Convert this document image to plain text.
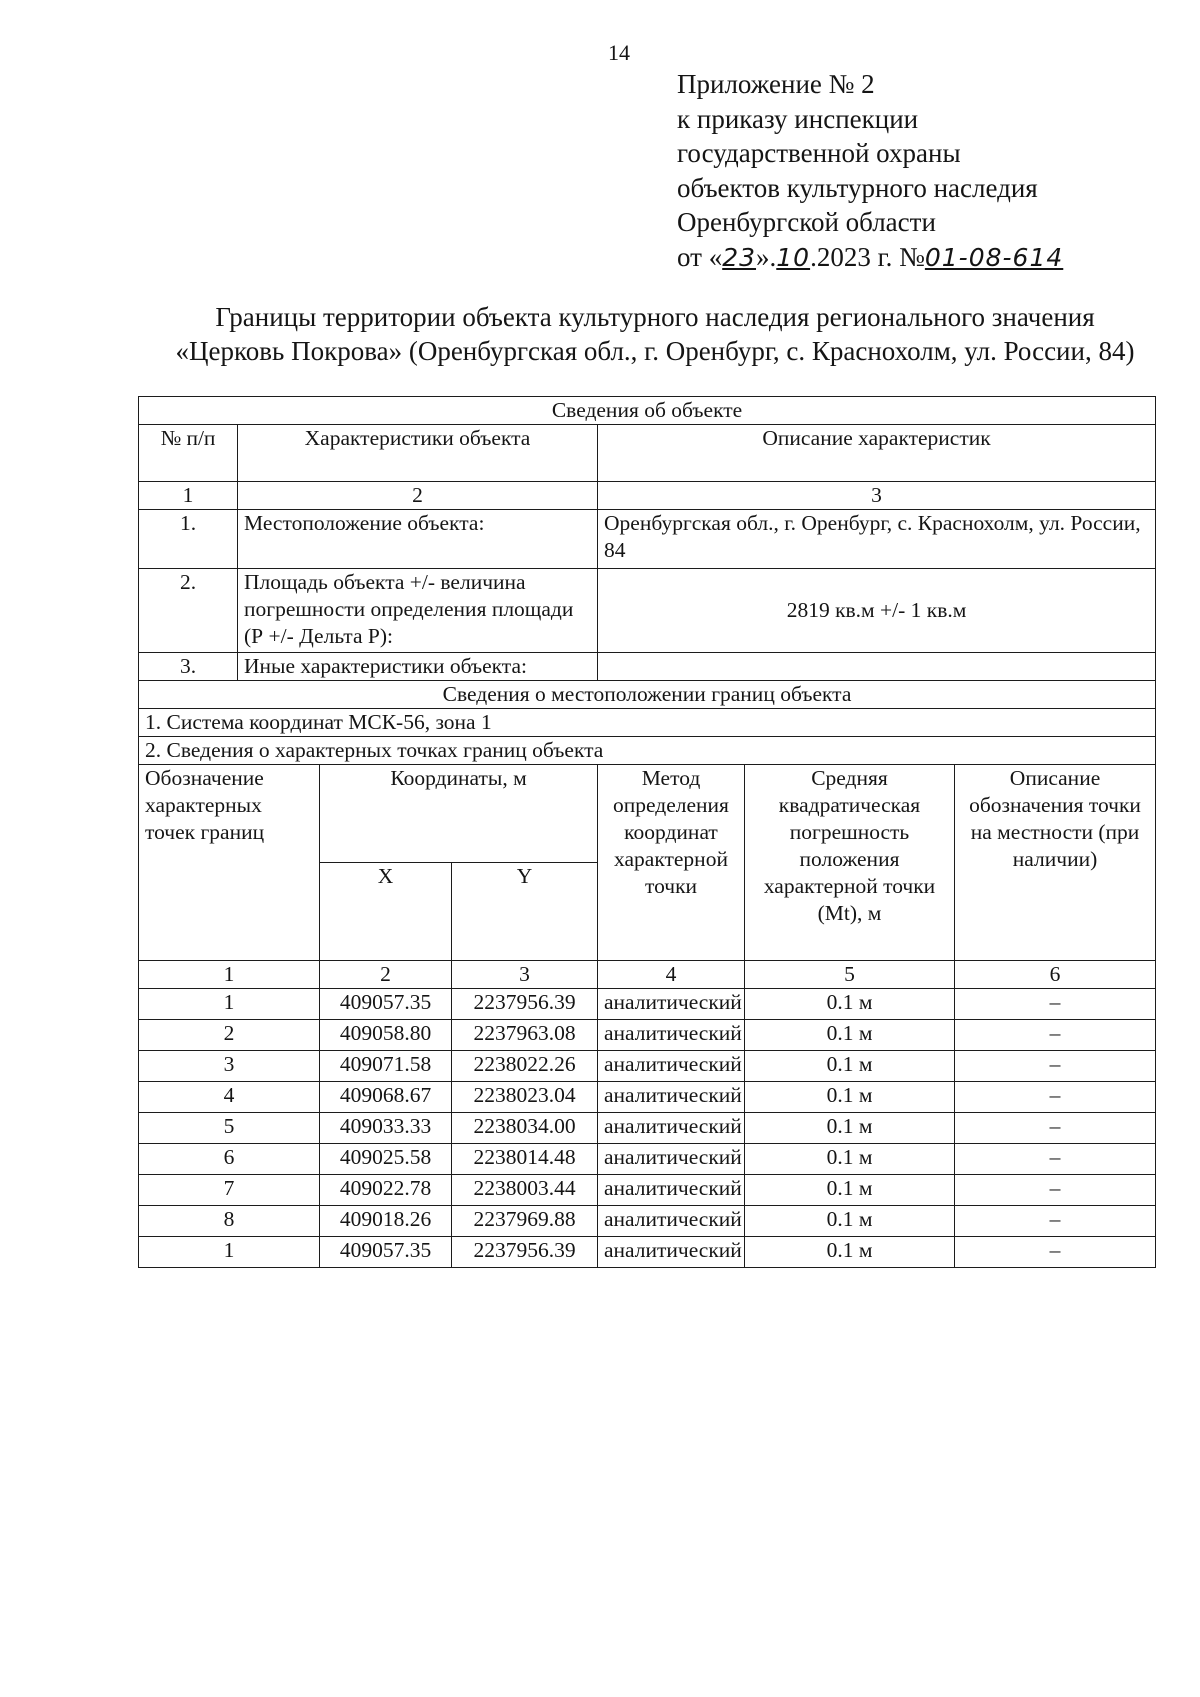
14
Приложение № 2
к приказу инспекции
государственной охраны
объектов культурного наследия
Оренбургской области
от «23».10.2023 г. №01-08-614
Границы территории объекта культурного наследия регионального значения
«Церковь Покрова» (Оренбургская обл., г. Оренбург, с. Краснохолм, ул. России, 84)
Сведения об объекте						
№ п/п	Характеристики объекта			Описание характеристик		
1	2			3		
1.	Местоположение объекта:			Оренбургская обл., г. Оренбург, с. Краснохолм, ул. России, 84		
2.	Площадь объекта +/- величина погрешности определения площади (Р +/- Дельта Р):			2819 кв.м +/- 1 кв.м		
3.	Иные характеристики объекта:					
Сведения о местоположении границ объекта						
1. Система координат МСК-56, зона 1						
2. Сведения о характерных точках границ объекта						
Обозначение характерных точек границ		Координаты, м		Метод определения координат характерной точки	Средняя квадратическая погрешность положения характерной точки (Mt), м	Описание обозначения точки на местности (при наличии)
		X	Y			
1		2	3	4	5	6
1		409057.35	2237956.39	аналитический	0.1 м	–
2		409058.80	2237963.08	аналитический	0.1 м	–
3		409071.58	2238022.26	аналитический	0.1 м	–
4		409068.67	2238023.04	аналитический	0.1 м	–
5		409033.33	2238034.00	аналитический	0.1 м	–
6		409025.58	2238014.48	аналитический	0.1 м	–
7		409022.78	2238003.44	аналитический	0.1 м	–
8		409018.26	2237969.88	аналитический	0.1 м	–
1		409057.35	2237956.39	аналитический	0.1 м	–
